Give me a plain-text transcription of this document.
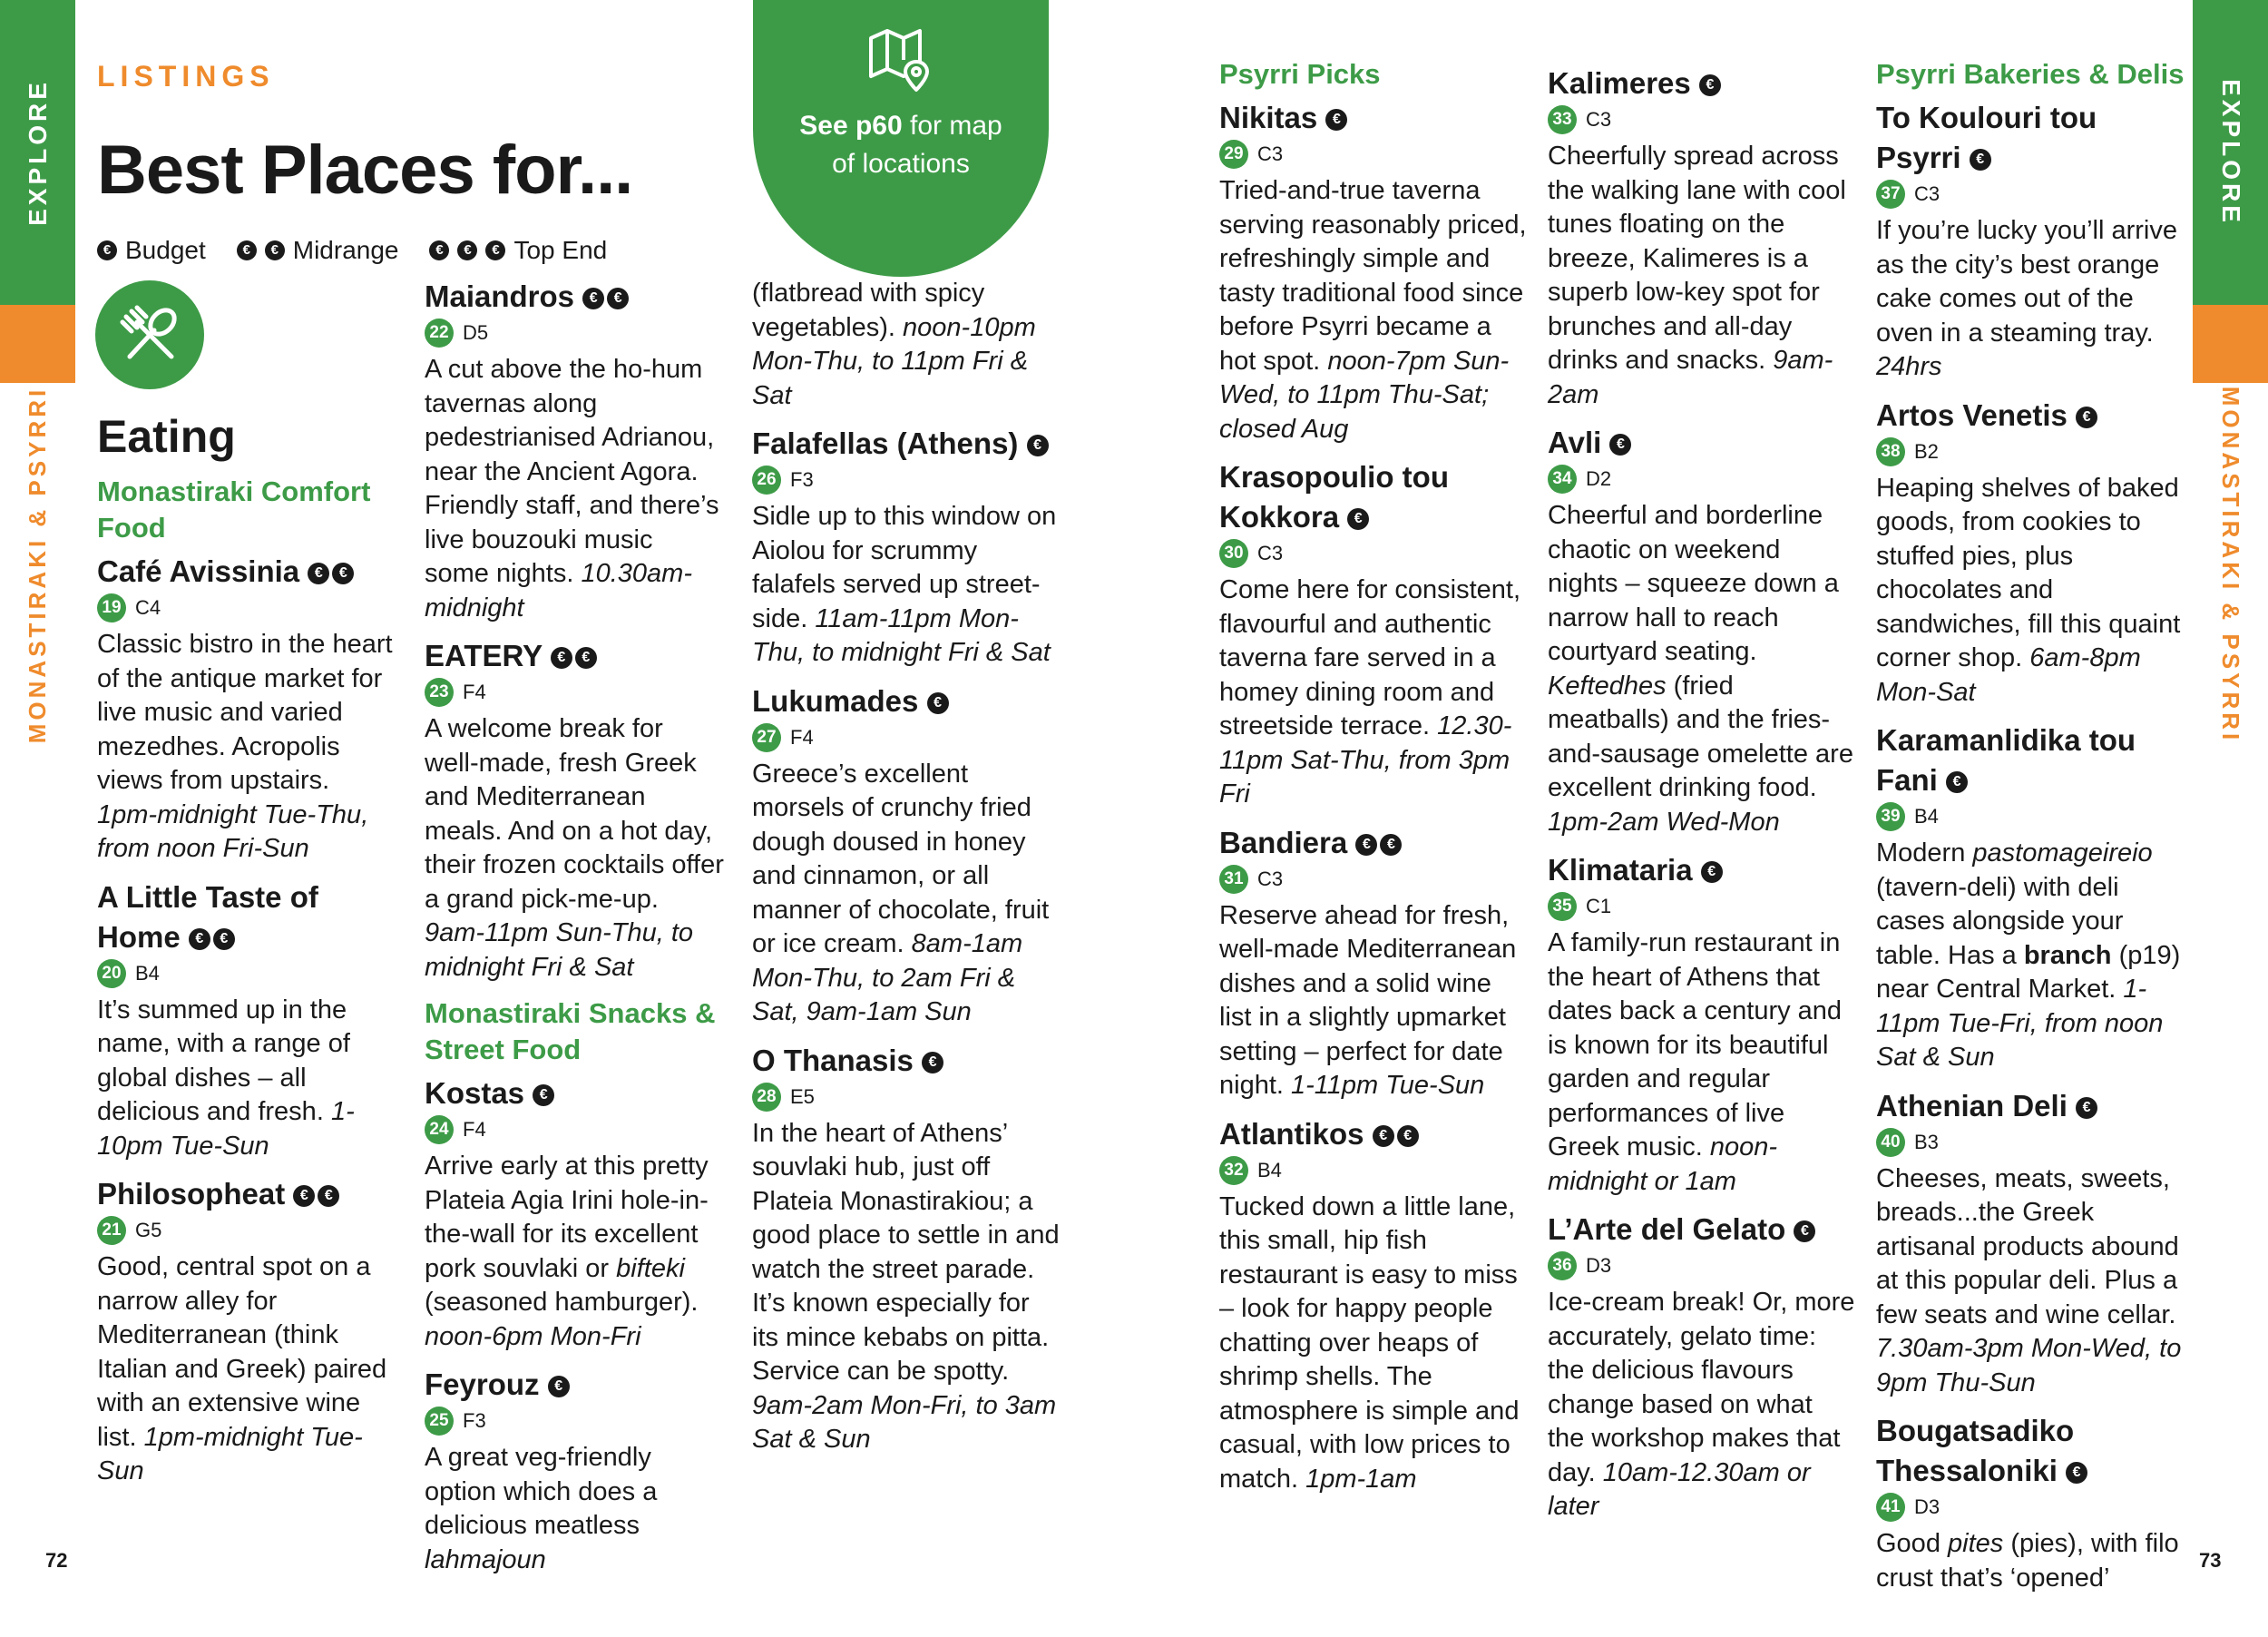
EXPLORE
MONASTIRAKI & PSYRRI
EXPLORE
MONASTIRAKI & PSYRRI
LISTINGS
Best Places for...
€ Budget	€	€ Midrange	€	€	€ Top End
Eating
See p60 for map
of locations
Monastiraki Comfort Food
Café Avissinia € €
19 C4
Classic bistro in the heart of the antique market for live music and varied mezedhes. Acropolis views from upstairs. 1pm-midnight Tue-Thu, from noon Fri-Sun
A Little Taste of Home € €
20 B4
It’s summed up in the name, with a range of global dishes – all delicious and fresh. 1-10pm Tue-Sun
Philosopheat € €
21 G5
Good, central spot on a narrow alley for Mediterranean (think Italian and Greek) paired with an extensive wine list. 1pm-midnight Tue-Sun
Maiandros € €
22 D5
A cut above the ho-hum tavernas along pedestrianised Adrianou, near the Ancient Agora. Friendly staff, and there’s live bouzouki music some nights. 10.30am-midnight
EATERY € €
23 F4
A welcome break for well-made, fresh Greek and Mediterranean meals. And on a hot day, their frozen cocktails offer a grand pick-me-up. 9am-11pm Sun-Thu, to midnight Fri & Sat
Monastiraki Snacks & Street Food
Kostas €
24 F4
Arrive early at this pretty Plateia Agia Irini hole-in-the-wall for its excellent pork souvlaki or bifteki (seasoned hamburger). noon-6pm Mon-Fri
Feyrouz €
25 F3
A great veg-friendly option which does a delicious meatless lahmajoun
(flatbread with spicy vegetables). noon-10pm Mon-Thu, to 11pm Fri & Sat
Falafellas (Athens) €
26 F3
Sidle up to this window on Aiolou for scrummy falafels served up street-side. 11am-11pm Mon-Thu, to midnight Fri & Sat
Lukumades €
27 F4
Greece’s excellent morsels of crunchy fried dough doused in honey and cinnamon, or all manner of chocolate, fruit or ice cream. 8am-1am Mon-Thu, to 2am Fri & Sat, 9am-1am Sun
O Thanasis €
28 E5
In the heart of Athens’ souvlaki hub, just off Plateia Monastirakiou; a good place to settle in and watch the street parade. It’s known especially for its mince kebabs on pitta. Service can be spotty. 9am-2am Mon-Fri, to 3am Sat & Sun
Psyrri Picks
Nikitas €
29 C3
Tried-and-true taverna serving reasonably priced, refreshingly simple and tasty traditional food since before Psyrri became a hot spot. noon-7pm Sun-Wed, to 11pm Thu-Sat; closed Aug
Krasopoulio tou Kokkora €
30 C3
Come here for consistent, flavourful and authentic taverna fare served in a homey dining room and streetside terrace. 12.30-11pm Sat-Thu, from 3pm Fri
Bandiera € €
31 C3
Reserve ahead for fresh, well-made Mediterranean dishes and a solid wine list in a slightly upmarket setting – perfect for date night. 1-11pm Tue-Sun
Atlantikos € €
32 B4
Tucked down a little lane, this small, hip fish restaurant is easy to miss – look for happy people chatting over heaps of shrimp shells. The atmosphere is simple and casual, with low prices to match. 1pm-1am
Kalimeres €
33 C3
Cheerfully spread across the walking lane with cool tunes floating on the breeze, Kalimeres is a superb low-key spot for brunches and all-day drinks and snacks. 9am-2am
Avli €
34 D2
Cheerful and borderline chaotic on weekend nights – squeeze down a narrow hall to reach courtyard seating. Keftedhes (fried meatballs) and the fries-and-sausage omelette are excellent drinking food. 1pm-2am Wed-Mon
Klimataria €
35 C1
A family-run restaurant in the heart of Athens that dates back a century and is known for its beautiful garden and regular performances of live Greek music. noon-midnight or 1am
L’Arte del Gelato €
36 D3
Ice-cream break! Or, more accurately, gelato time: the delicious flavours change based on what the workshop makes that day. 10am-12.30am or later
Psyrri Bakeries & Delis
To Koulouri tou Psyrri €
37 C3
If you’re lucky you’ll arrive as the city’s best orange cake comes out of the oven in a steaming tray. 24hrs
Artos Venetis €
38 B2
Heaping shelves of baked goods, from cookies to stuffed pies, plus chocolates and sandwiches, fill this quaint corner shop. 6am-8pm Mon-Sat
Karamanlidika tou Fani €
39 B4
Modern pastomageireio (tavern-deli) with deli cases alongside your table. Has a branch (p19) near Central Market. 1-11pm Tue-Fri, from noon Sat & Sun
Athenian Deli €
40 B3
Cheeses, meats, sweets, breads...the Greek artisanal products abound at this popular deli. Plus a few seats and wine cellar. 7.30am-3pm Mon-Wed, to 9pm Thu-Sun
Bougatsadiko Thessaloniki €
41 D3
Good pites (pies), with filo crust that’s ‘opened’
72	73
